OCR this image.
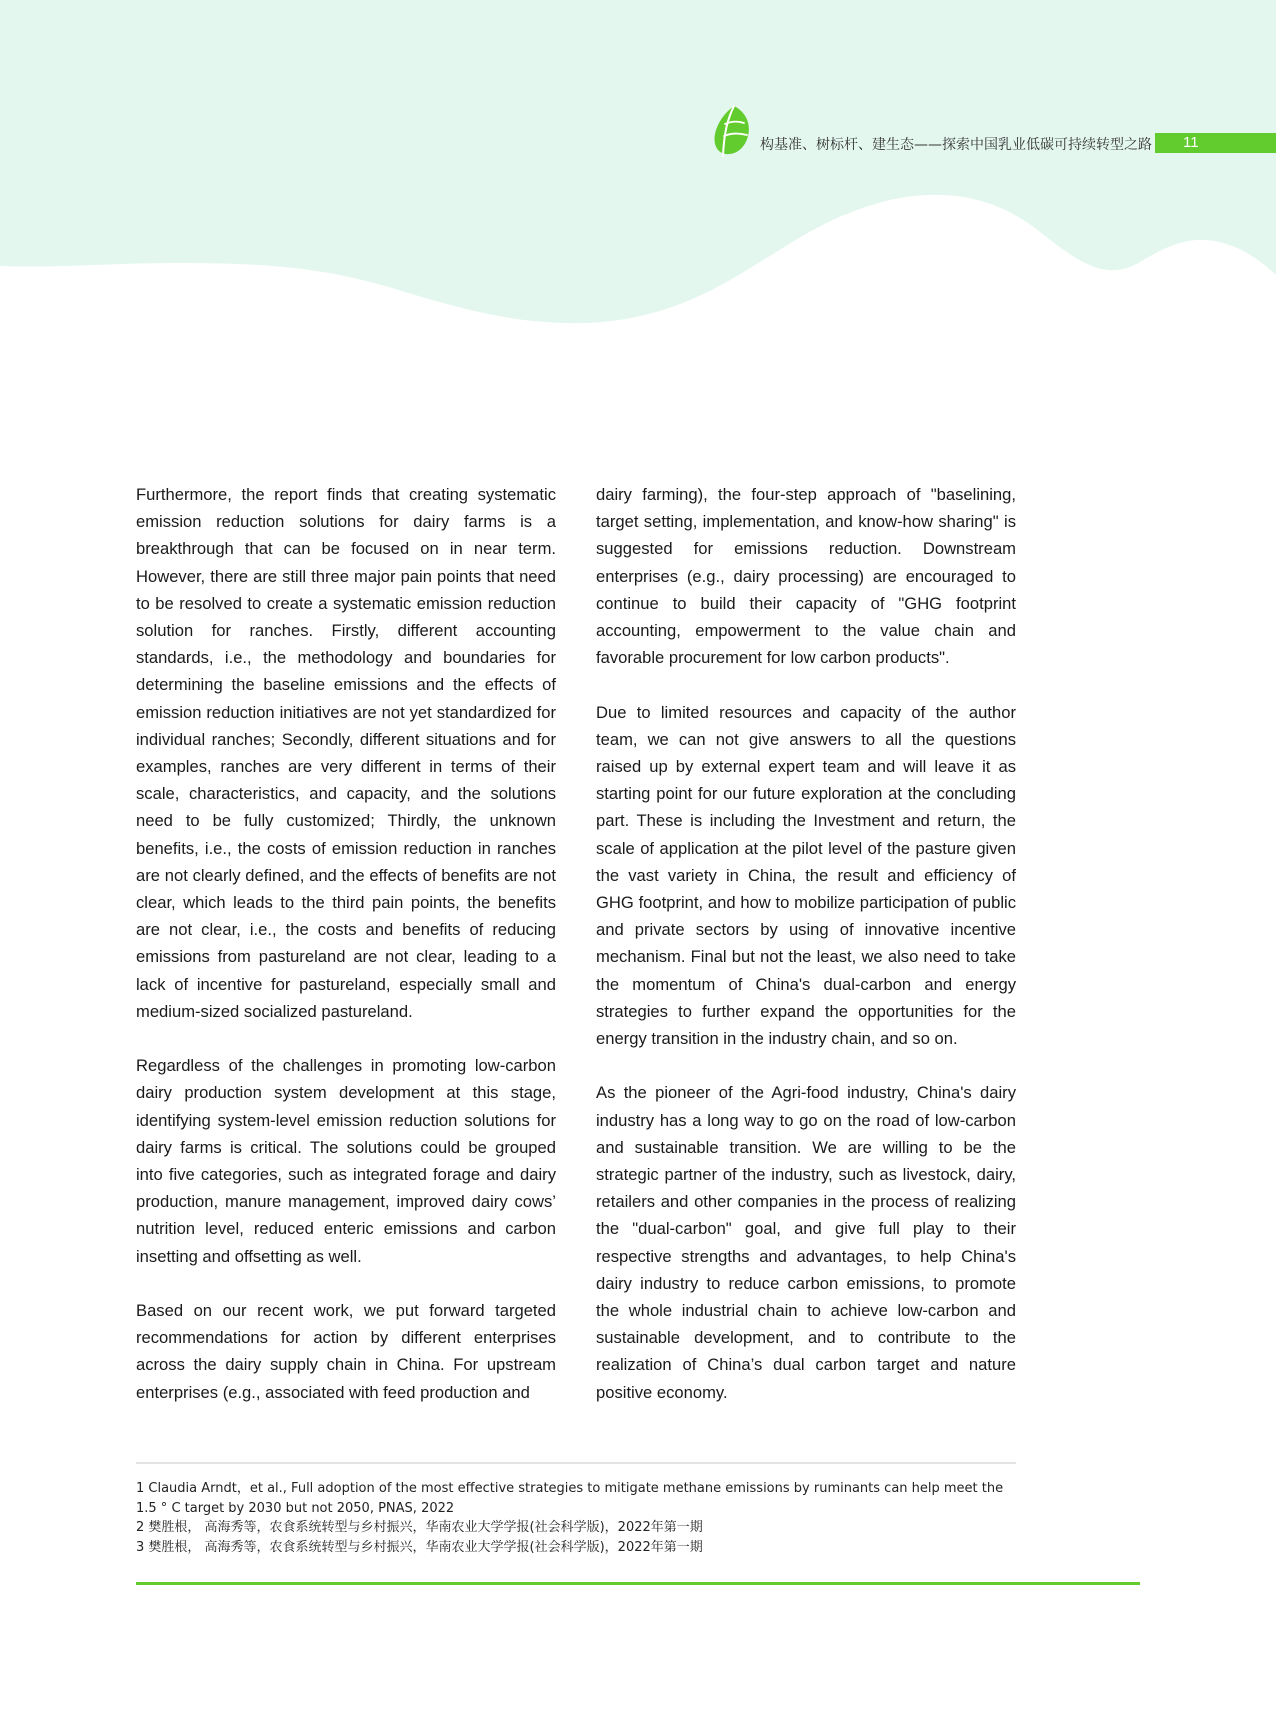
构基准、树标杆、建生态——探索中国乳业低碳可持续转型之路	11

Furthermore, the report finds that creating systematic emission reduction solutions for dairy farms is a breakthrough that can be focused on in near term. However, there are still three major pain points that need to be resolved to create a systematic emission reduction solution for ranches. Firstly, different accounting standards, i.e., the methodology and boundaries for determining the baseline emissions and the effects of emission reduction initiatives are not yet standardized for individual ranches; Secondly, different situations and for examples, ranches are very different in terms of their scale, characteristics, and capacity, and the solutions need to be fully customized; Thirdly, the unknown benefits, i.e., the costs of emission reduction in ranches are not clearly defined, and the effects of benefits are not clear, which leads to the third pain points, the benefits are not clear, i.e., the costs and benefits of reducing emissions from pastureland are not clear, leading to a lack of incentive for pastureland, especially small and medium-sized socialized pastureland.

Regardless of the challenges in promoting low-carbon dairy production system development at this stage, identifying system-level emission reduction solutions for dairy farms is critical. The solutions could be grouped into five categories, such as integrated forage and dairy production, manure management, improved dairy cows’ nutrition level, reduced enteric emissions and carbon insetting and offsetting as well.

Based on our recent work, we put forward targeted recommendations for action by different enterprises across the dairy supply chain in China. For upstream enterprises (e.g., associated with feed production and

dairy farming), the four-step approach of "baselining, target setting, implementation, and know-how sharing" is suggested for emissions reduction. Downstream enterprises (e.g., dairy processing) are encouraged to continue to build their capacity of "GHG footprint accounting, empowerment to the value chain and favorable procurement for low carbon products".

Due to limited resources and capacity of the author team, we can not give answers to all the questions raised up by external expert team and will leave it as starting point for our future exploration at the concluding part. These is including the Investment and return, the scale of application at the pilot level of the pasture given the vast variety in China, the result and efficiency of GHG footprint, and how to mobilize participation of public and private sectors by using of innovative incentive mechanism. Final but not the least, we also need to take the momentum of China's dual-carbon and energy strategies to further expand the opportunities for the energy transition in the industry chain, and so on.

As the pioneer of the Agri-food industry, China's dairy industry has a long way to go on the road of low-carbon and sustainable transition. We are willing to be the strategic partner of the industry, such as livestock, dairy, retailers and other companies in the process of realizing the "dual-carbon" goal, and give full play to their respective strengths and advantages, to help China's dairy industry to reduce carbon emissions, to promote the whole industrial chain to achieve low-carbon and sustainable development, and to contribute to the realization of China’s dual carbon target and nature positive economy.

1 Claudia Arndt，et al., Full adoption of the most effective strategies to mitigate methane emissions by ruminants can help meet the 1.5 ° C target by 2030 but not 2050, PNAS, 2022
2 樊胜根， 高海秀等，农食系统转型与乡村振兴，华南农业大学学报(社会科学版)，2022年第一期
3 樊胜根， 高海秀等，农食系统转型与乡村振兴，华南农业大学学报(社会科学版)，2022年第一期
